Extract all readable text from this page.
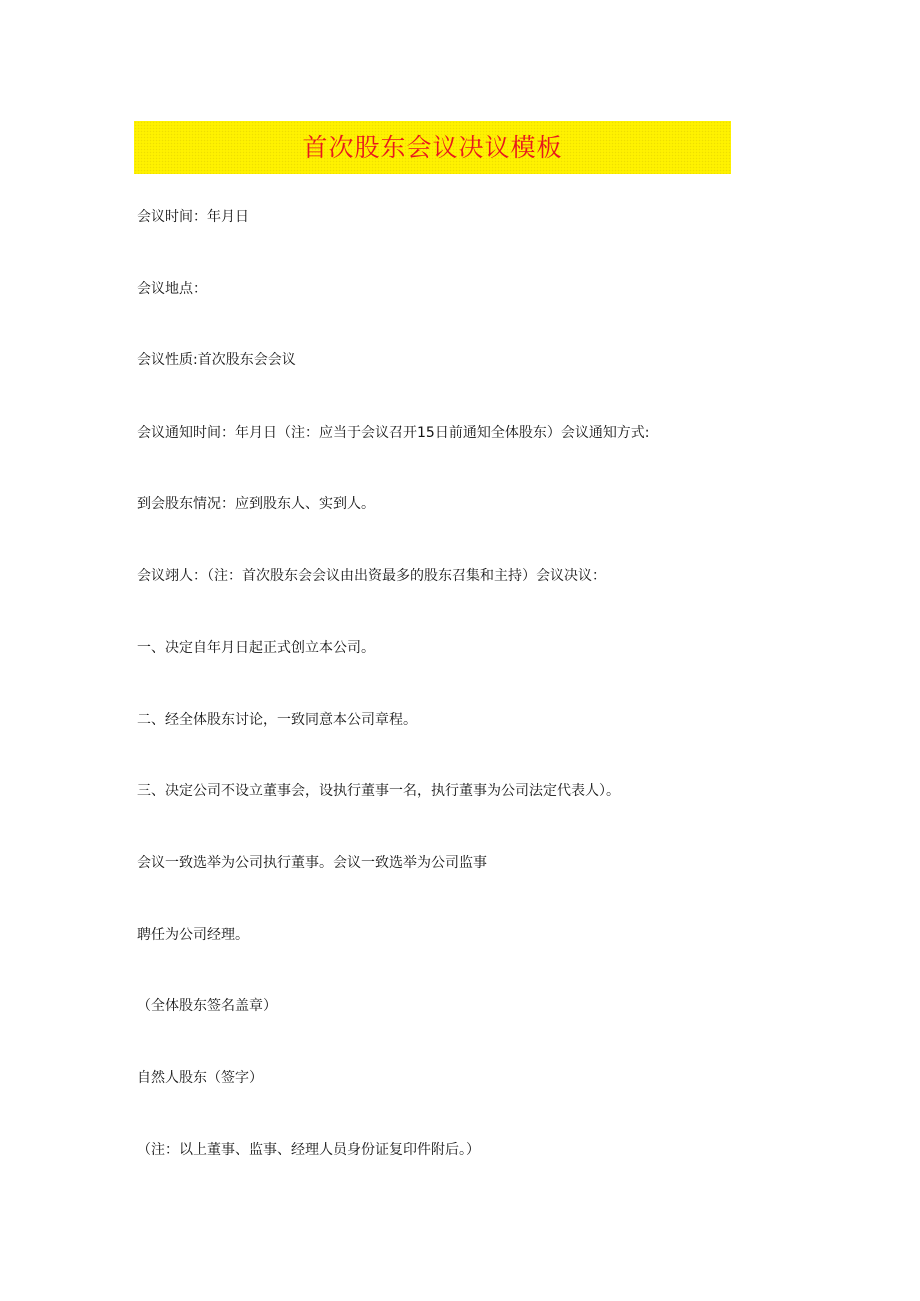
首次股东会议决议模板
会议时间：年月日
会议地点：
会议性质:首次股东会会议
会议通知时间：年月日（注：应当于会议召开15日前通知全体股东）会议通知方式:
到会股东情况：应到股东人、实到人。
会议翊人：（注：首次股东会会议由出资最多的股东召集和主持）会议决议：
一、决定自年月日起正式创立本公司。
二、经全体股东讨论，一致同意本公司章程。
三、决定公司不设立董事会，设执行董事一名，执行董事为公司法定代表人）。
会议一致选举为公司执行董事。会议一致选举为公司监事
聘任为公司经理。
（全体股东签名盖章）
自然人股东（签字）
（注：以上董事、监事、经理人员身份证复印件附后。）
